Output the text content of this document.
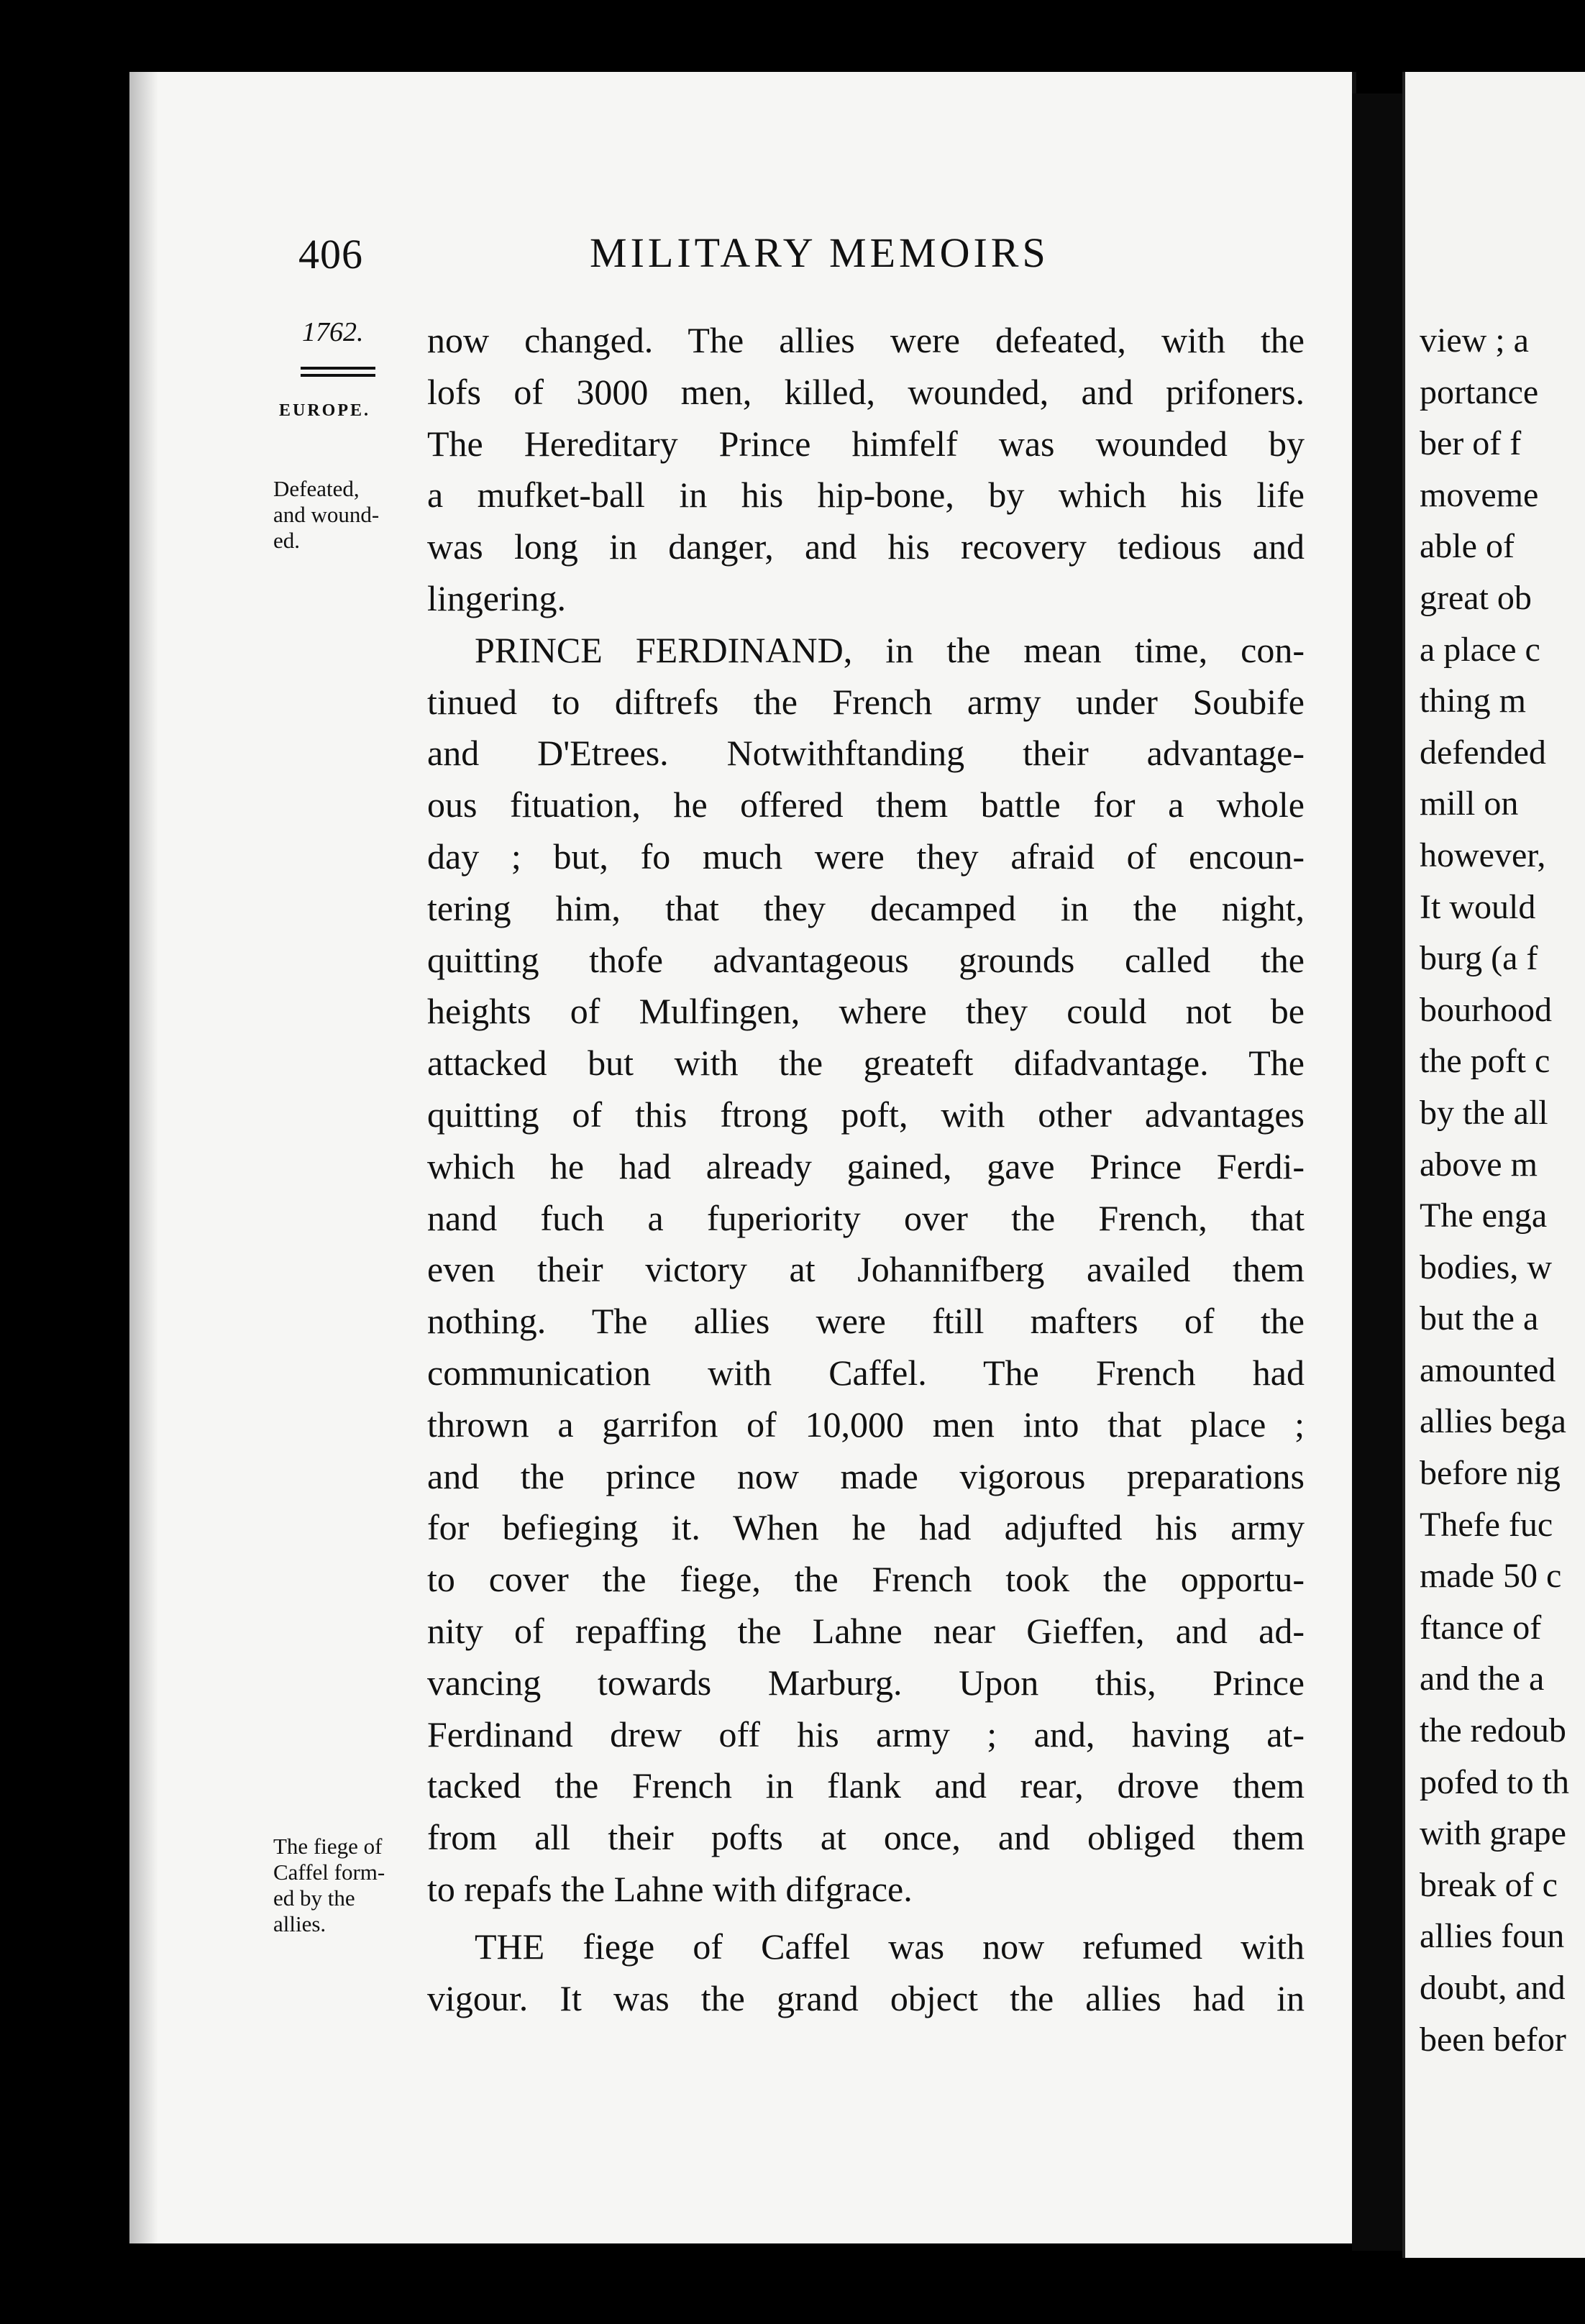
406	MILITARY MEMOIRS
1762.
EUROPE.
Defeated,
and wound-
ed.
The fiege of
Caffel form-
ed by the
allies.
now changed. The allies were defeated, with the
lofs of 3000 men, killed, wounded, and prifoners.
The Hereditary Prince himfelf was wounded by
a mufket-ball in his hip-bone, by which his life
was long in danger, and his recovery tedious and
lingering.
PRINCE FERDINAND, in the mean time, con-
tinued to diftrefs the French army under Soubife
and D'Etrees. Notwithftanding their advantage-
ous fituation, he offered them battle for a whole
day ; but, fo much were they afraid of encoun-
tering him, that they decamped in the night,
quitting thofe advantageous grounds called the
heights of Mulfingen, where they could not be
attacked but with the greateft difadvantage. The
quitting of this ftrong poft, with other advantages
which he had already gained, gave Prince Ferdi-
nand fuch a fuperiority over the French, that
even their victory at Johannifberg availed them
nothing. The allies were ftill mafters of the
communication with Caffel. The French had
thrown a garrifon of 10,000 men into that place ;
and the prince now made vigorous preparations
for befieging it. When he had adjufted his army
to cover the fiege, the French took the opportu-
nity of repaffing the Lahne near Gieffen, and ad-
vancing towards Marburg. Upon this, Prince
Ferdinand drew off his army ; and, having at-
tacked the French in flank and rear, drove them
from all their pofts at once, and obliged them
to repafs the Lahne with difgrace.
THE fiege of Caffel was now refumed with
vigour. It was the grand object the allies had in
view ; a
portance
ber of f
moveme
able of
great ob
a place c
thing m
defended
mill on
however,
It would
burg (a f
bourhood
the poft c
by the all
above m
The enga
bodies, w
but the a
amounted
allies bega
before nig
Thefe fuc
made 50 c
ftance of
and the a
the redoub
pofed to th
with grape
break of c
allies foun
doubt, and
been befor
